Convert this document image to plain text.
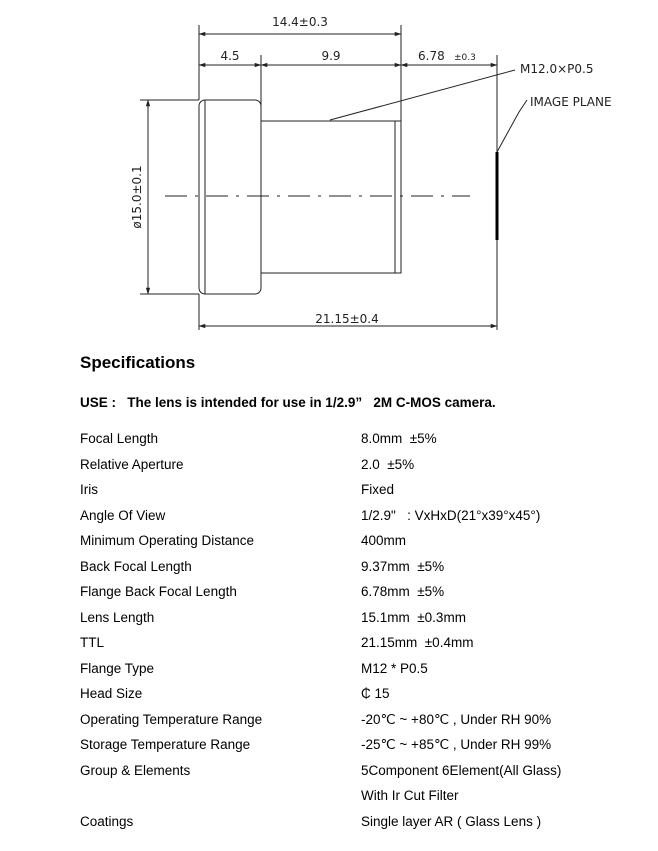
14.4±0.3
4.5	9.9	6.78 ±0.3
M12.0×P0.5
IMAGE PLANE
ø15.0±0.1
21.15±0.4
Specifications
USE : The lens is intended for use in 1/2.9”   2M C-MOS camera.
Focal Length	8.0mm  ±5%
Relative Aperture	2.0  ±5%
Iris	Fixed
Angle Of View	1/2.9"   : VxHxD(21°x39°x45°)
Minimum Operating Distance	400mm
Back Focal Length	9.37mm  ±5%
Flange Back Focal Length	6.78mm  ±5%
Lens Length	15.1mm  ±0.3mm
TTL	21.15mm  ±0.4mm
Flange Type	M12 * P0.5
Head Size	₵ 15
Operating Temperature Range	-20℃ ~ +80℃ , Under RH 90%
Storage Temperature Range	-25℃ ~ +85℃ , Under RH 99%
Group & Elements	5Component 6Element(All Glass)
With Ir Cut Filter
Coatings	Single layer AR ( Glass Lens )
